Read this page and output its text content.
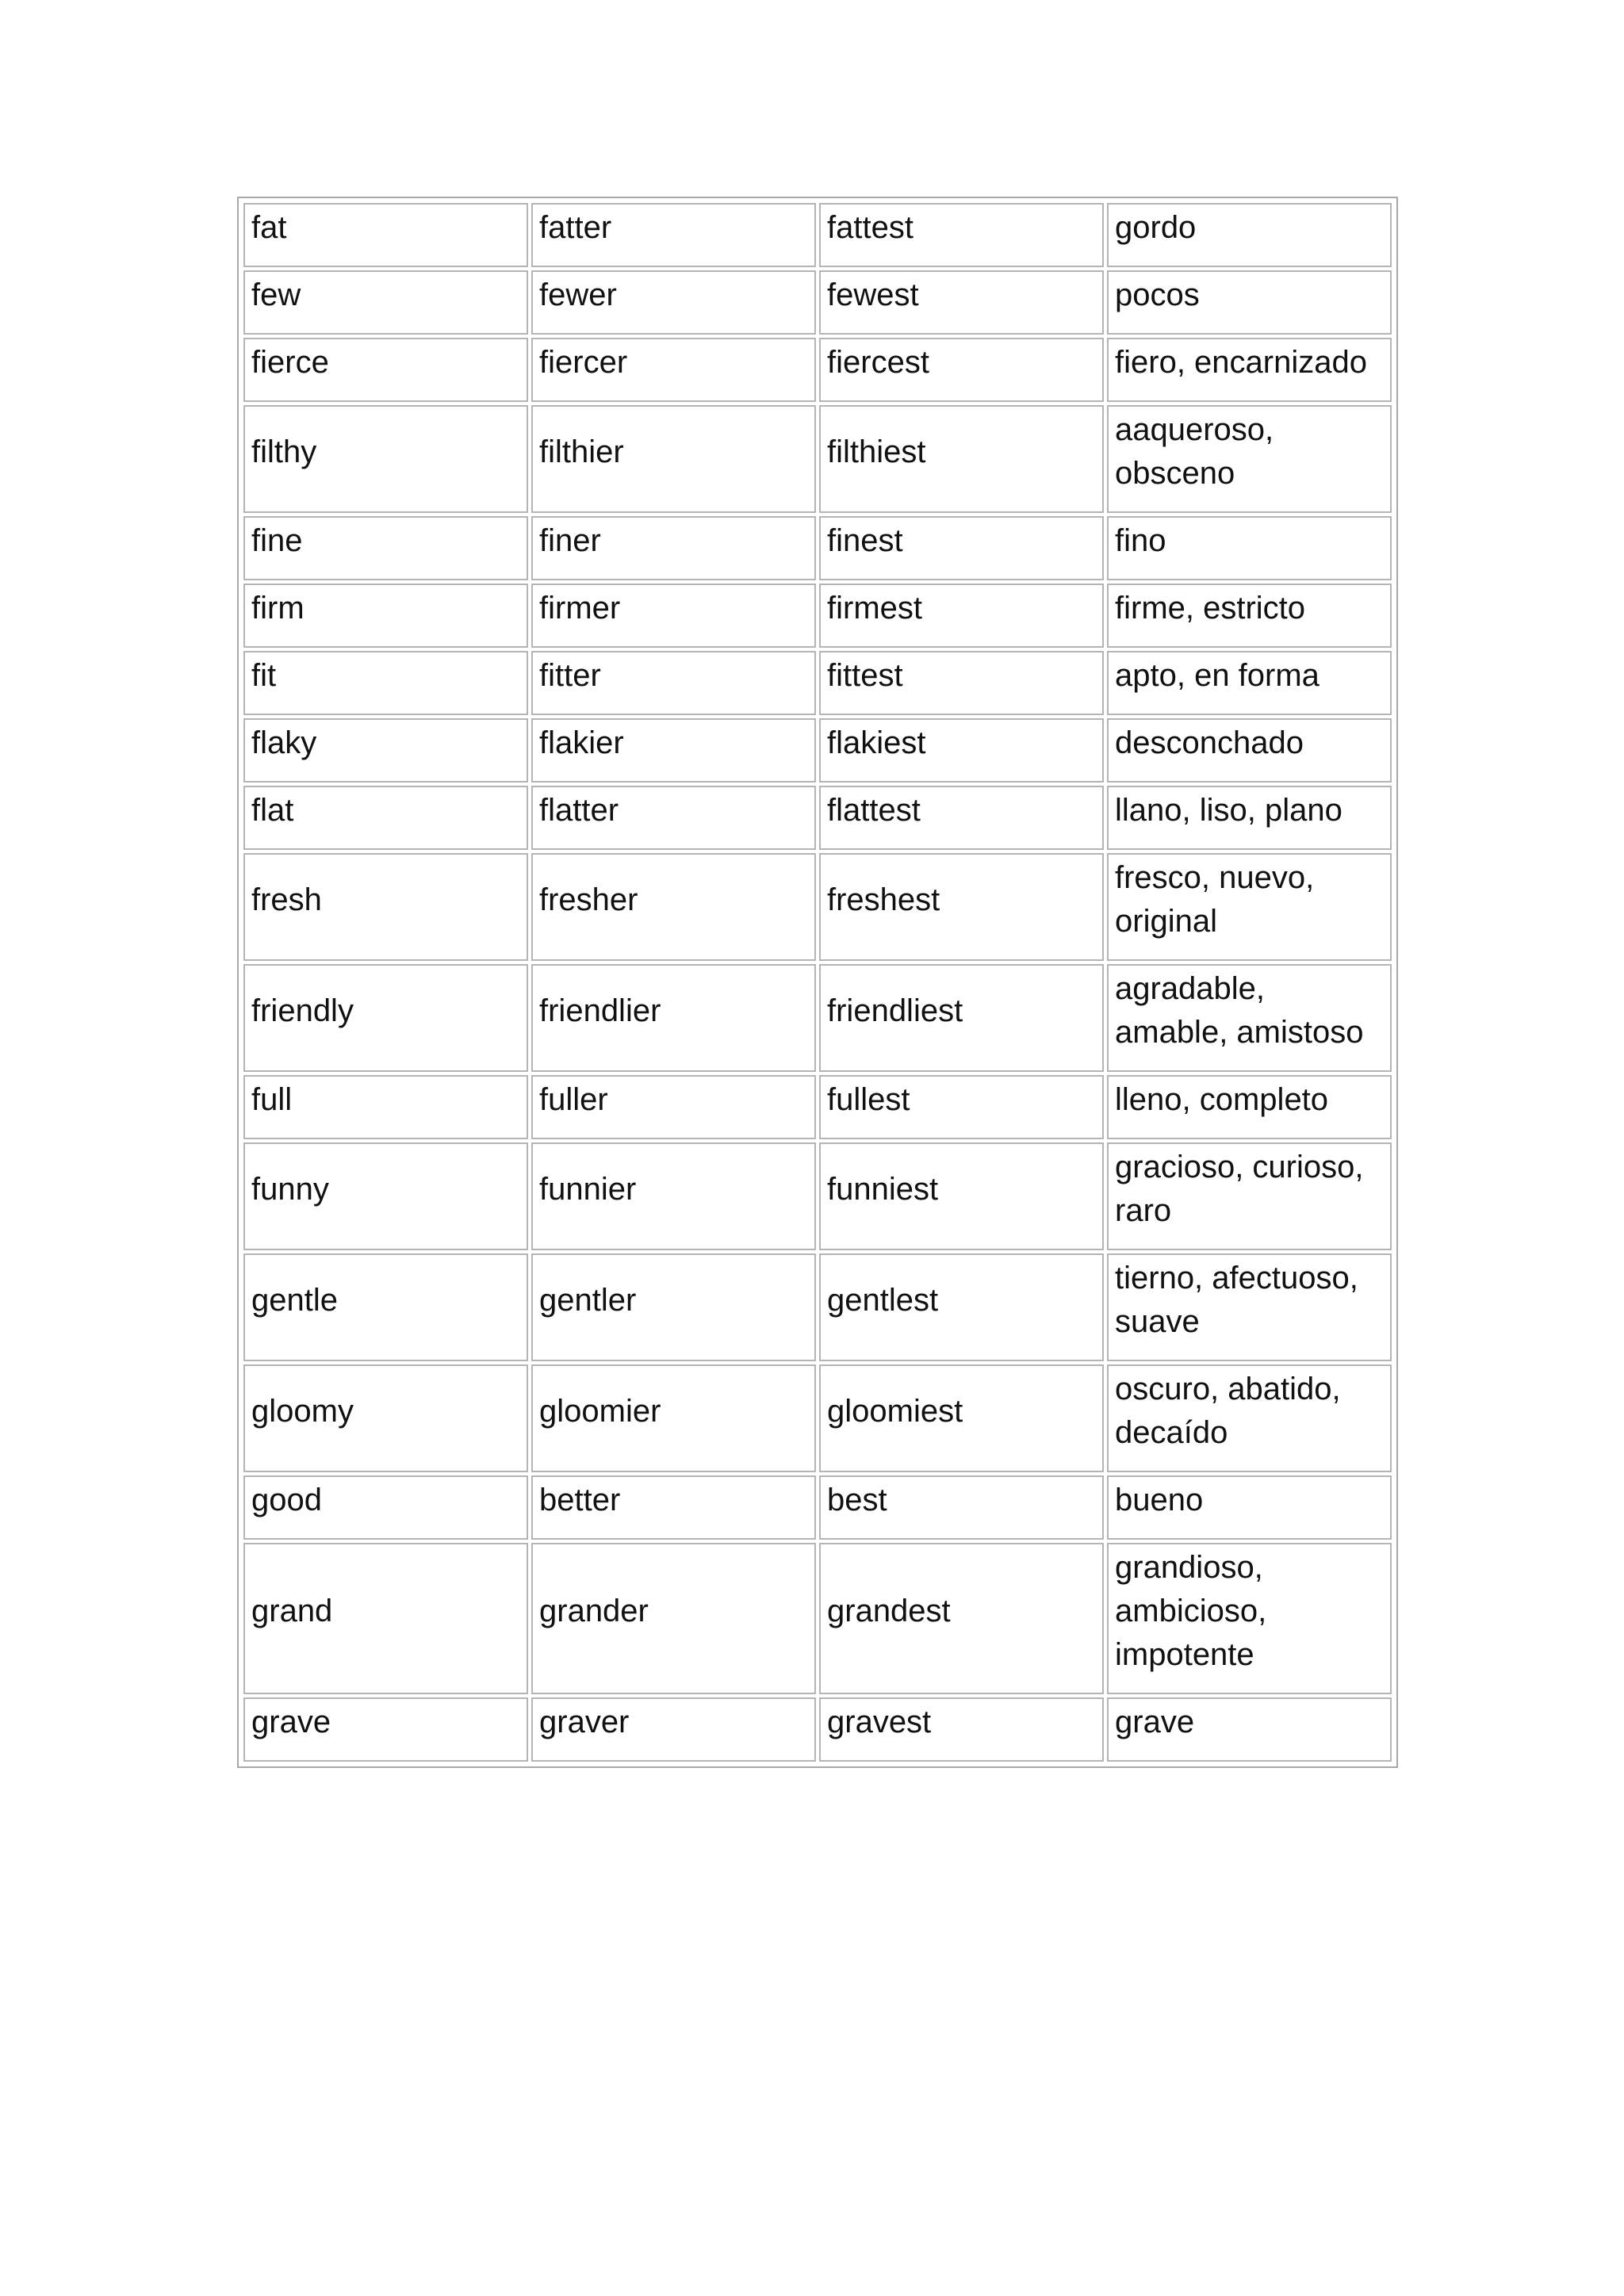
fat	fatter	fattest	gordo
few	fewer	fewest	pocos
fierce	fiercer	fiercest	fiero, encarnizado
filthy	filthier	filthiest	aaqueroso, obsceno
fine	finer	finest	fino
firm	firmer	firmest	firme, estricto
fit	fitter	fittest	apto, en forma
flaky	flakier	flakiest	desconchado
flat	flatter	flattest	llano, liso, plano
fresh	fresher	freshest	fresco, nuevo, original
friendly	friendlier	friendliest	agradable, amable, amistoso
full	fuller	fullest	lleno, completo
funny	funnier	funniest	gracioso, curioso, raro
gentle	gentler	gentlest	tierno, afectuoso, suave
gloomy	gloomier	gloomiest	oscuro, abatido, decaído
good	better	best	bueno
grand	grander	grandest	grandioso, ambicioso, impotente
grave	graver	gravest	grave
